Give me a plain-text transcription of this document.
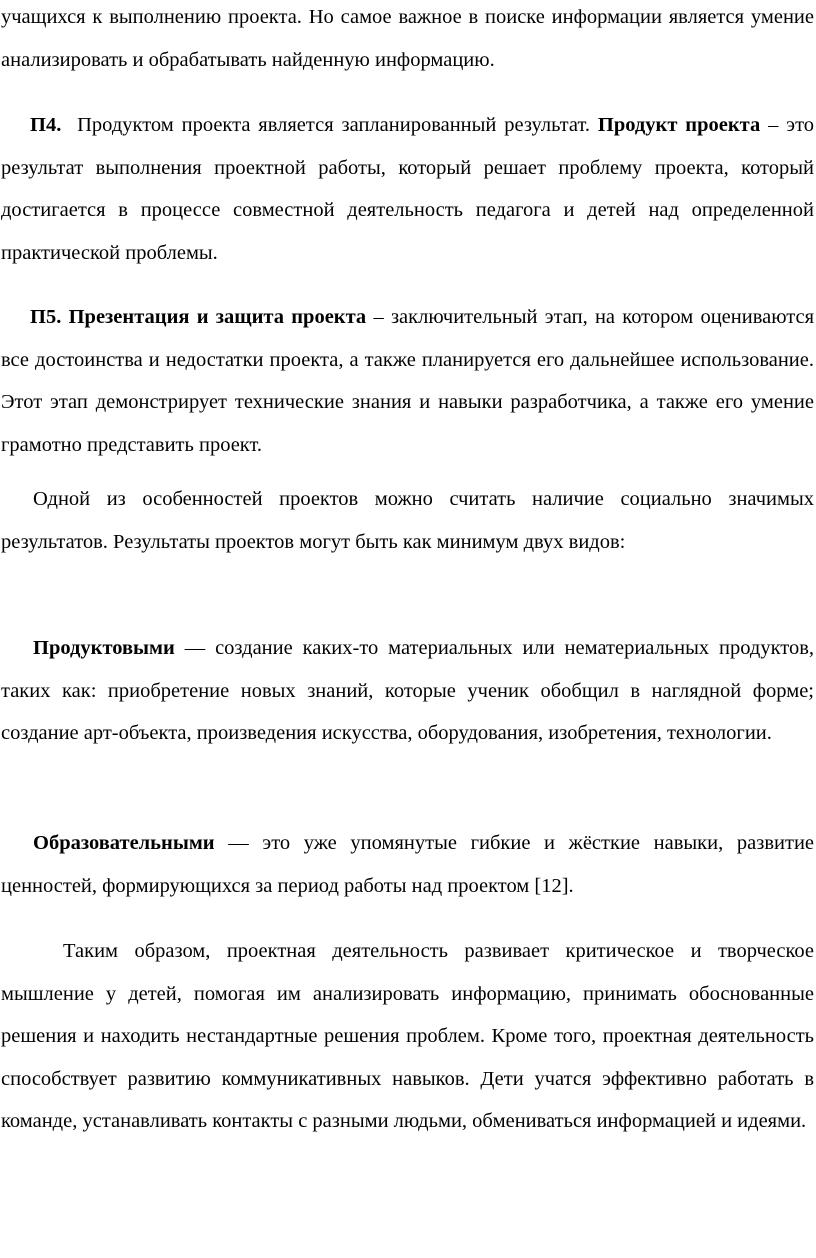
учащихся к выполнению проекта. Но самое важное в поиске информации является умение анализировать и обрабатывать найденную информацию.

П4. Продуктом проекта является запланированный результат. Продукт проекта – это результат выполнения проектной работы, который решает проблему проекта, который достигается в процессе совместной деятельность педагога и детей над определенной практической проблемы.

П5. Презентация и защита проекта – заключительный этап, на котором оцениваются все достоинства и недостатки проекта, а также планируется его дальнейшее использование. Этот этап демонстрирует технические знания и навыки разработчика, а также его умение грамотно представить проект.

Одной из особенностей проектов можно считать наличие социально значимых результатов. Результаты проектов могут быть как минимум двух видов:

Продуктовыми — создание каких-то материальных или нематериальных продуктов, таких как: приобретение новых знаний, которые ученик обобщил в наглядной форме; создание арт-объекта, произведения искусства, оборудования, изобретения, технологии.

Образовательными — это уже упомянутые гибкие и жёсткие навыки, развитие ценностей, формирующихся за период работы над проектом [12].

Таким образом, проектная деятельность развивает критическое и творческое мышление у детей, помогая им анализировать информацию, принимать обоснованные решения и находить нестандартные решения проблем. Кроме того, проектная деятельность способствует развитию коммуникативных навыков. Дети учатся эффективно работать в команде, устанавливать контакты с разными людьми, обмениваться информацией и идеями.
